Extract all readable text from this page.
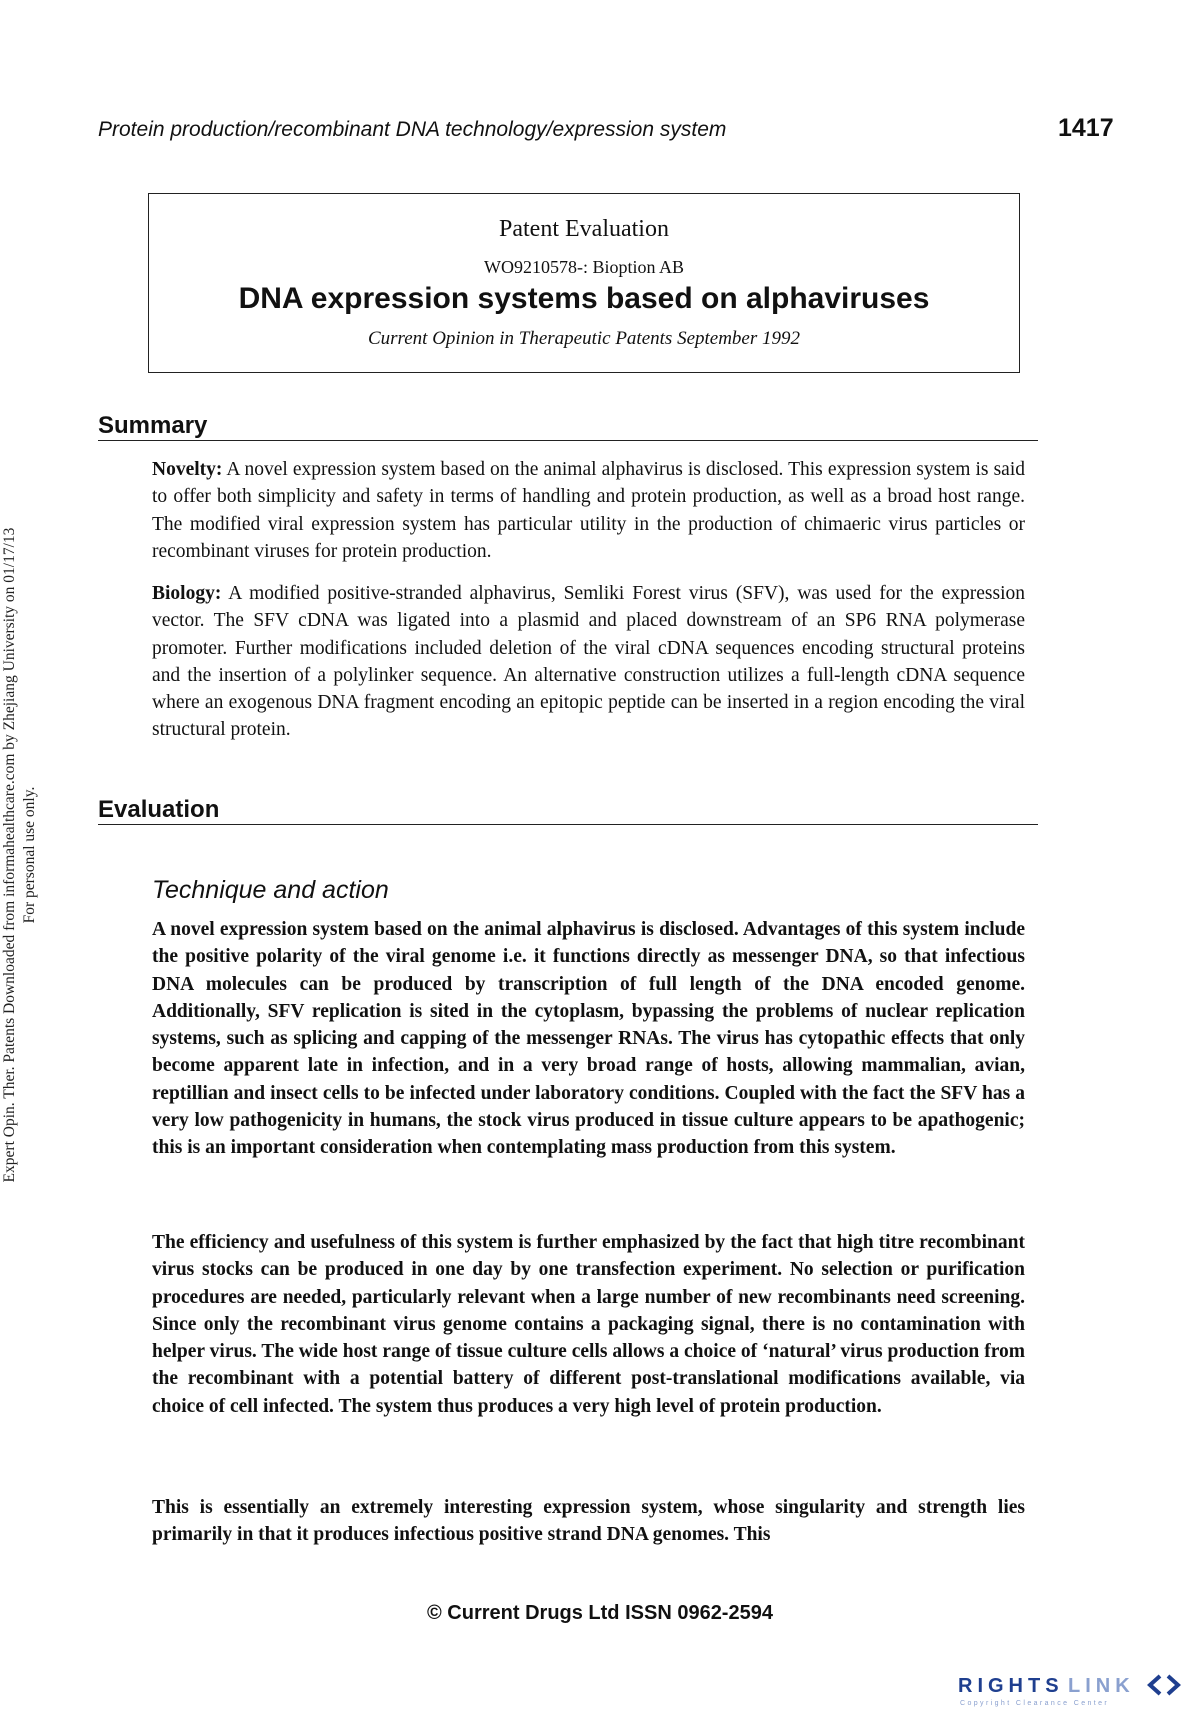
Protein production/recombinant DNA technology/expression system	1417
Patent Evaluation
WO9210578-: Bioption AB
DNA expression systems based on alphaviruses
Current Opinion in Therapeutic Patents September 1992
Expert Opin. Ther. Patents Downloaded from informahealthcare.com by Zhejiang University on 01/17/13 For personal use only.
Summary

Novelty: A novel expression system based on the animal alphavirus is disclosed. This expression system is said to offer both simplicity and safety in terms of handling and protein production, as well as a broad host range. The modified viral expression system has particular utility in the production of chimaeric virus particles or recombinant viruses for protein production.

Biology: A modified positive-stranded alphavirus, Semliki Forest virus (SFV), was used for the expression vector. The SFV cDNA was ligated into a plasmid and placed downstream of an SP6 RNA polymerase promoter. Further modifications included deletion of the viral cDNA sequences encoding structural proteins and the insertion of a polylinker sequence. An alternative construction utilizes a full-length cDNA sequence where an exogenous DNA fragment encoding an epitopic peptide can be inserted in a region encoding the viral structural protein.

Evaluation
Technique and action

A novel expression system based on the animal alphavirus is disclosed. Advantages of this system include the positive polarity of the viral genome i.e. it functions directly as messenger DNA, so that infectious DNA molecules can be produced by transcription of full length of the DNA encoded genome. Additionally, SFV replication is sited in the cytoplasm, bypassing the problems of nuclear replication systems, such as splicing and capping of the messenger RNAs. The virus has cytopathic effects that only become apparent late in infection, and in a very broad range of hosts, allowing mammalian, avian, reptillian and insect cells to be infected under laboratory conditions. Coupled with the fact the SFV has a very low pathogenicity in humans, the stock virus produced in tissue culture appears to be apathogenic; this is an important consideration when contemplating mass production from this system.

The efficiency and usefulness of this system is further emphasized by the fact that high titre recombinant virus stocks can be produced in one day by one transfection experiment. No selection or purification procedures are needed, particularly relevant when a large number of new recombinants need screening. Since only the recombinant virus genome contains a packaging signal, there is no contamination with helper virus. The wide host range of tissue culture cells allows a choice of ‘natural’ virus production from the recombinant with a potential battery of different post-translational modifications available, via choice of cell infected. The system thus produces a very high level of protein production.

This is essentially an extremely interesting expression system, whose singularity and strength lies primarily in that it produces infectious positive strand DNA genomes. This

© Current Drugs Ltd ISSN 0962-2594
RIGHTS LINK
Copyright Clearance Center
